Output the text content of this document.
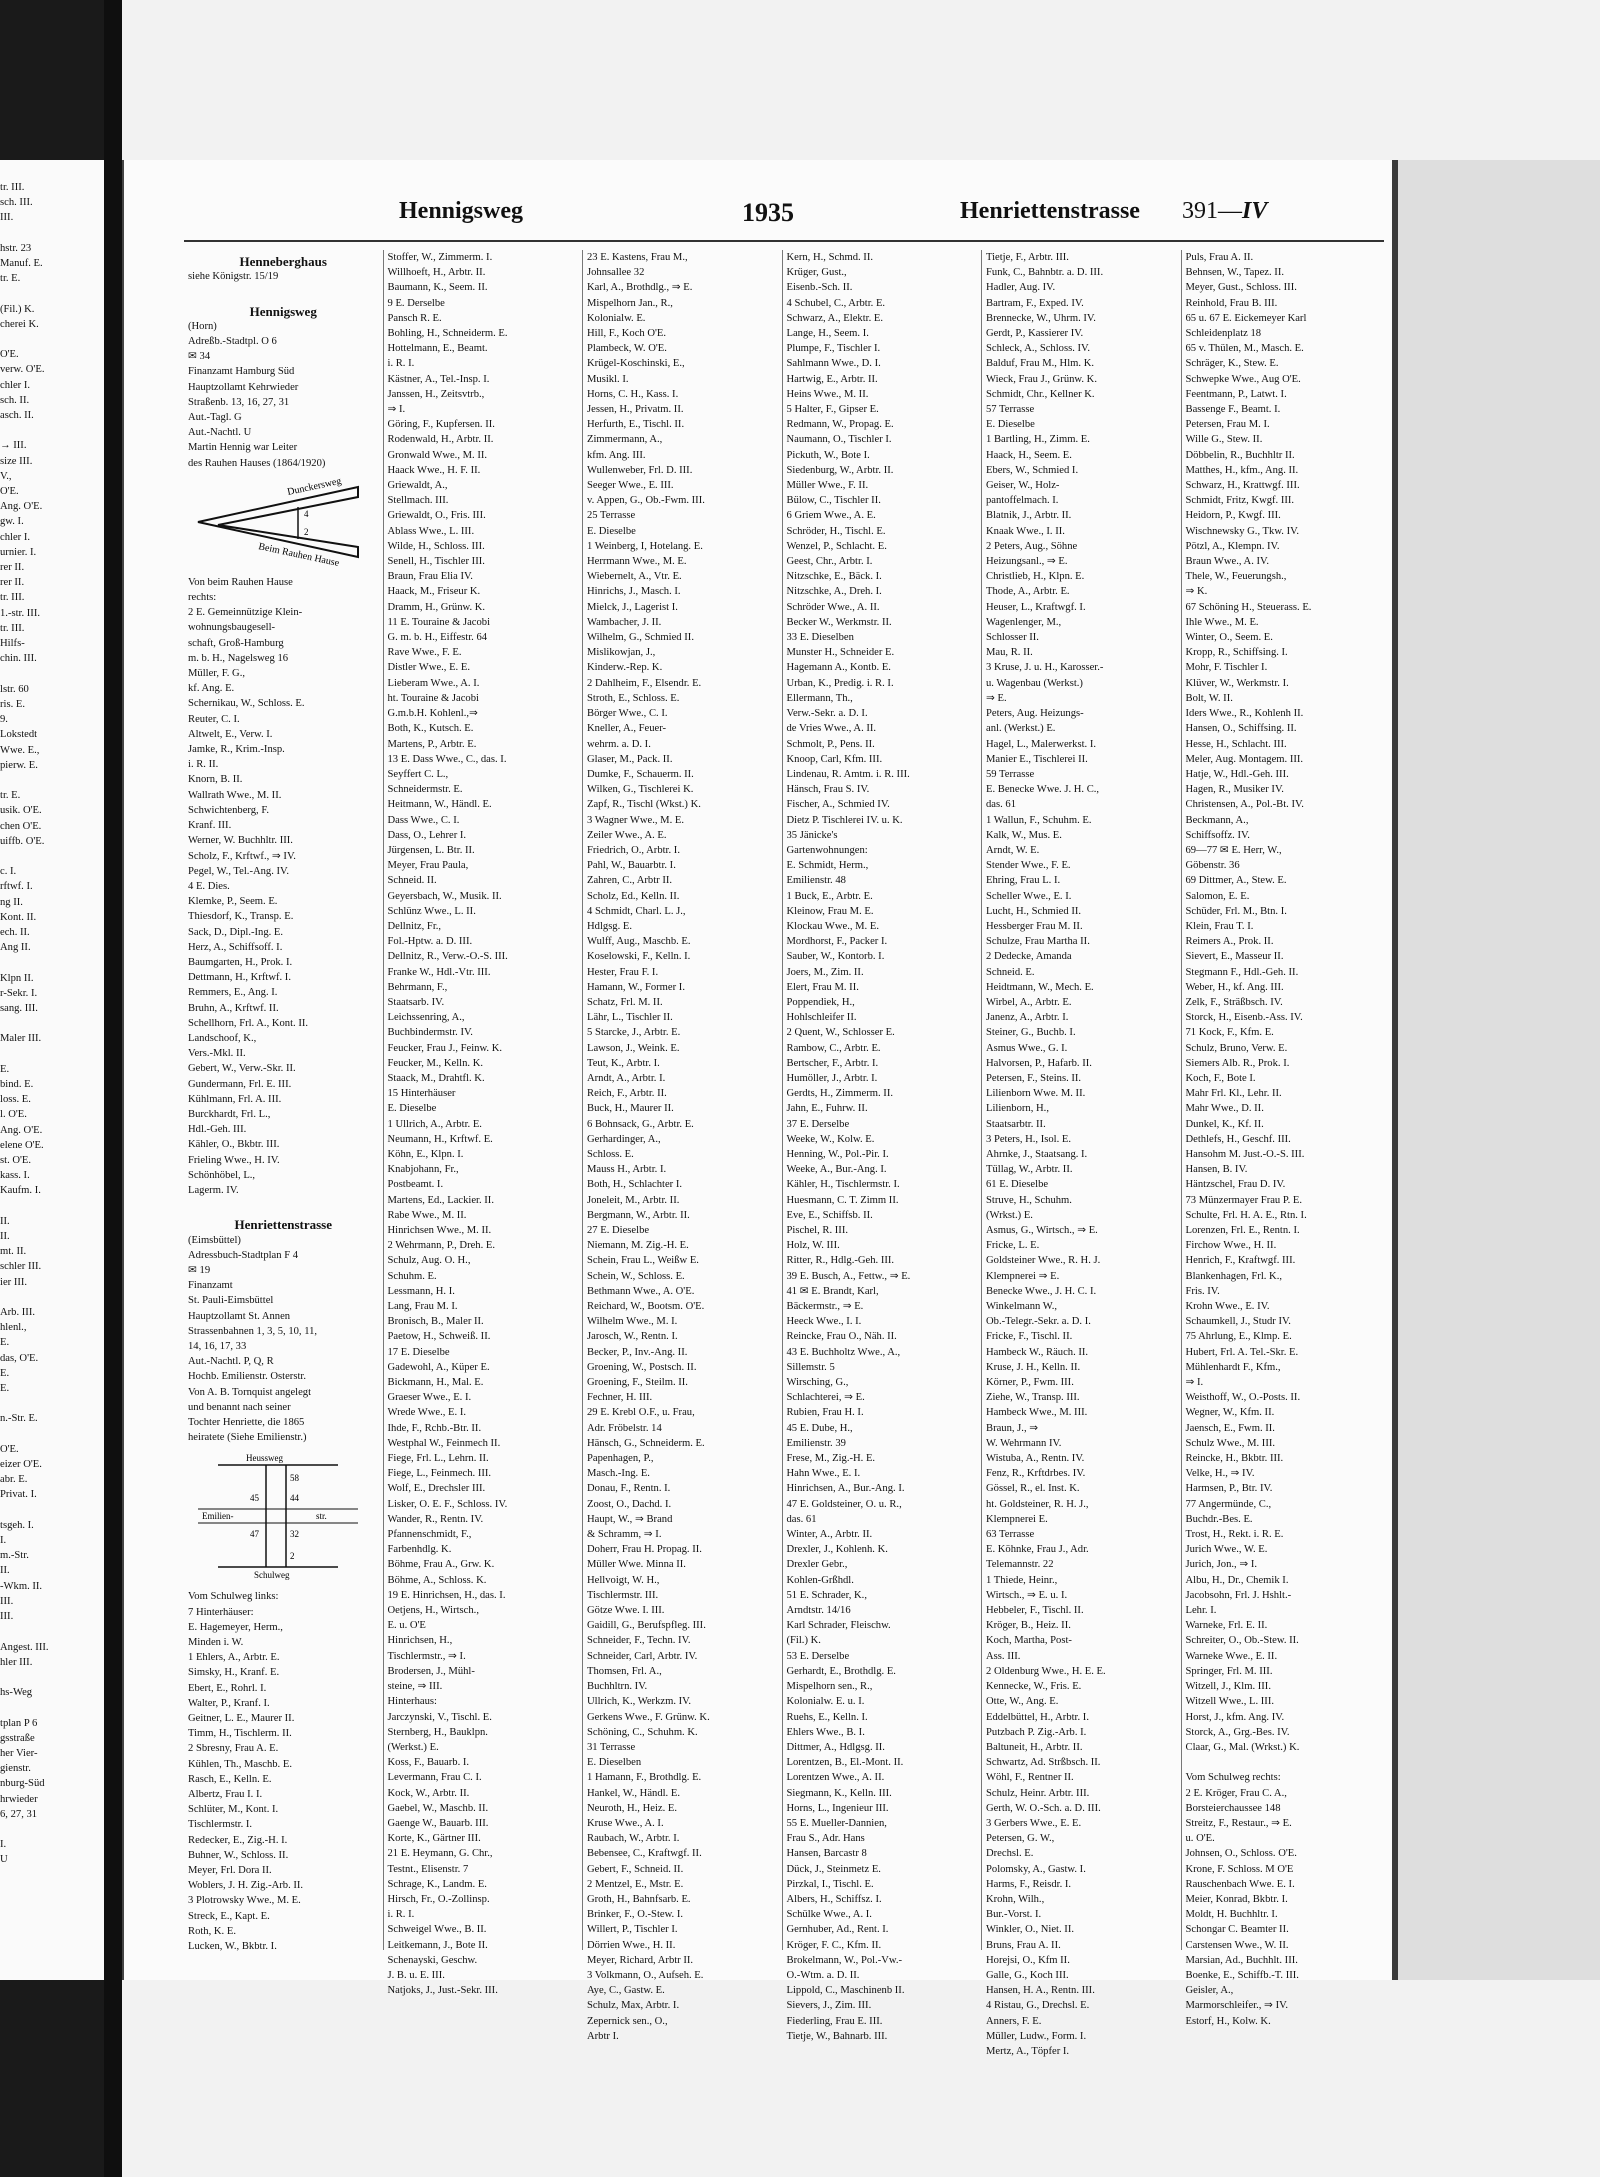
tr. III.
sch. III.
III.

hstr. 23
Manuf. E.
tr. E.

(Fil.) K.
cherei K.

O'E.
verw. O'E.
chler I.
sch. II.
asch. II.

→ III.
size III.
V.,
O'E.
Ang. O'E.
gw. I.
chler I.
urnier. I.
rer II.
rer II.
tr. III.
1.-str. III.
tr. III.
Hilfs-
chin. III.

lstr. 60
ris. E.
9.
Lokstedt
Wwe. E.,
pierw. E.

tr. E.
usik. O'E.
chen O'E.
uiffb. O'E.

c. I.
rftwf. I.
ng II.
Kont. II.
ech. II.
Ang II.

Klpn II.
r-Sekr. I.
sang. III.

Maler III.

E.
bind. E.
loss. E.
l. O'E.
Ang. O'E.
elene O'E.
st. O'E.
kass. I.
Kaufm. I.

II.
II.
mt. II.
schler III.
ier III.

Arb. III.
hlenl.,
E.
das, O'E.
E.
E.

n.-Str. E.

O'E.
eizer O'E.
abr. E.
Privat. I.

tsgeh. I.
I.
m.-Str.
II.
-Wkm. II.
III.
III.

Angest. III.
hler III.

hs-Weg

tplan P 6
gsstraße
her Vier-
gienstr.
nburg-Süd
hrwieder
6, 27, 31

I.
U
Hennigsweg	1935	Henriettenstrasse 391—IV
Henneberghaus
siehe Königstr. 15/19

Hennigsweg
(Horn)
Adreßb.-Stadtpl. O 6
✉ 34
Finanzamt Hamburg Süd
Hauptzollamt Kehrwieder
Straßenb. 13, 16, 27, 31
Aut.-Tagl. G
Aut.-Nachtl. U
Martin Hennig war Leiter
des Rauhen Hauses (1864/1920)
Dunckersweg
Beim Rauhen Hause
4
2
Von beim Rauhen Hause
rechts:
2 E. Gemeinnützige Klein-
wohnungsbaugesell-
schaft, Groß-Hamburg
m. b. H., Nagelsweg 16
Müller, F. G.,
kf. Ang. E.
Schernikau, W., Schloss. E.
Reuter, C. I.
Altwelt, E., Verw. I.
Jamke, R., Krim.-Insp.
i. R. II.
Knorn, B. II.
Wallrath Wwe., M. II.
Schwichtenberg, F.
Kranf. III.
Werner, W. Buchhltr. III.
Scholz, F., Krftwf., ⇒ IV.
Pegel, W., Tel.-Ang. IV.
4 E. Dies.
Klemke, P., Seem. E.
Thiesdorf, K., Transp. E.
Sack, D., Dipl.-Ing. E.
Herz, A., Schiffsoff. I.
Baumgarten, H., Prok. I.
Dettmann, H., Krftwf. I.
Remmers, E., Ang. I.
Bruhn, A., Krftwf. II.
Schellhorn, Frl. A., Kont. II.
Landschoof, K.,
Vers.-Mkl. II.
Gebert, W., Verw.-Skr. II.
Gundermann, Frl. E. III.
Kühlmann, Frl. A. III.
Burckhardt, Frl. L.,
Hdl.-Geh. III.
Kähler, O., Bkbtr. III.
Frieling Wwe., H. IV.
Schönhöbel, L.,
Lagerm. IV.

Henriettenstrasse
(Eimsbüttel)
Adressbuch-Stadtplan F 4
✉ 19
Finanzamt
St. Pauli-Eimsbüttel
Hauptzollamt St. Annen
Strassenbahnen 1, 3, 5, 10, 11,
14, 16, 17, 33
Aut.-Nachtl. P, Q, R
Hochb. Emilienstr. Osterstr.
Von A. B. Tornquist angelegt
und benannt nach seiner
Tochter Henriette, die 1865
heiratete (Siehe Emilienstr.)
Heussweg
Emilien-	str.
Schulweg
58
44
45
47	32
2
Vom Schulweg links:
7 Hinterhäuser:
E. Hagemeyer, Herm.,
Minden i. W.
1 Ehlers, A., Arbtr. E.
Simsky, H., Kranf. E.
Ebert, E., Rohrl. I.
Walter, P., Kranf. I.
Geitner, L. E., Maurer II.
Timm, H., Tischlerm. II.
2 Sbresny, Frau A. E.
Kühlen, Th., Maschb. E.
Rasch, E., Kelln. E.
Albertz, Frau I. I.
Schlüter, M., Kont. I.
Tischlermstr. I.
Redecker, E., Zig.-H. I.
Buhner, W., Schloss. II.
Meyer, Frl. Dora II.
Woblers, J. H. Zig.-Arb. II.
3 Plotrowsky Wwe., M. E.
Streck, E., Kapt. E.
Roth, K. E.
Lucken, W., Bkbtr. I.
Stoffer, W., Zimmerm. I.
Willhoeft, H., Arbtr. II.
Baumann, K., Seem. II.
9 E. Derselbe
Pansch R. E.
Bohling, H., Schneiderm. E.
Hottelmann, E., Beamt.
i. R. I.
Kästner, A., Tel.-Insp. I.
Janssen, H., Zeitsvtrb.,
⇒ I.
Göring, F., Kupfersen. II.
Rodenwald, H., Arbtr. II.
Gronwald Wwe., M. II.
Haack Wwe., H. F. II.
Griewaldt, A.,
Stellmach. III.
Griewaldt, O., Fris. III.
Ablass Wwe., L. III.
Wilde, H., Schloss. III.
Senell, H., Tischler III.
Braun, Frau Elia IV.
Haack, M., Friseur K.
Dramm, H., Grünw. K.
11 E. Touraine & Jacobi
G. m. b. H., Eiffestr. 64
Rave Wwe., F. E.
Distler Wwe., E. E.
Lieberam Wwe., A. I.
ht. Touraine & Jacobi
G.m.b.H. Kohlenl.,⇒
Both, K., Kutsch. E.
Martens, P., Arbtr. E.
13 E. Dass Wwe., C., das. I.
Seyffert C. L.,
Schneidermstr. E.
Heitmann, W., Händl. E.
Dass Wwe., C. I.
Dass, O., Lehrer I.
Jürgensen, L. Btr. II.
Meyer, Frau Paula,
Schneid. II.
Geyersbach, W., Musik. II.
Schlünz Wwe., L. II.
Dellnitz, Fr.,
Fol.-Hptw. a. D. III.
Dellnitz, R., Verw.-O.-S. III.
Franke W., Hdl.-Vtr. III.
Behrmann, F.,
Staatsarb. IV.
Leichssenring, A.,
Buchbindermstr. IV.
Feucker, Frau J., Feinw. K.
Feucker, M., Kelln. K.
Staack, M., Drahtfl. K.
15 Hinterhäuser
E. Dieselbe
1 Ullrich, A., Arbtr. E.
Neumann, H., Krftwf. E.
Köhn, E., Klpn. I.
Knabjohann, Fr.,
Postbeamt. I.
Martens, Ed., Lackier. II.
Rabe Wwe., M. II.
Hinrichsen Wwe., M. II.
2 Wehrmann, P., Dreh. E.
Schulz, Aug. O. H.,
Schuhm. E.
Lessmann, H. I.
Lang, Frau M. I.
Bronisch, B., Maler II.
Paetow, H., Schweiß. II.
17 E. Dieselbe
Gadewohl, A., Küper E.
Bickmann, H., Mal. E.
Graeser Wwe., E. I.
Wrede Wwe., E. I.
Ihde, F., Rchb.-Btr. II.
Westphal W., Feinmech II.
Fiege, Frl. L., Lehrn. II.
Fiege, L., Feinmech. III.
Wolf, E., Drechsler III.
Lisker, O. E. F., Schloss. IV.
Wander, R., Rentn. IV.
Pfannenschmidt, F.,
Farbenhdlg. K.
Böhme, Frau A., Grw. K.
Böhme, A., Schloss. K.
19 E. Hinrichsen, H., das. I.
Oetjens, H., Wirtsch.,
E. u. O'E
Hinrichsen, H.,
Tischlermstr., ⇒ I.
Brodersen, J., Mühl-
steine, ⇒ III.
Hinterhaus:
Jarczynski, V., Tischl. E.
Sternberg, H., Bauklpn.
(Werkst.) E.
Koss, F., Bauarb. I.
Levermann, Frau C. I.
Kock, W., Arbtr. II.
Gaebel, W., Maschb. II.
Gaenge W., Bauarb. III.
Korte, K., Gärtner III.
21 E. Heymann, G. Chr.,
Testnt., Elisenstr. 7
Schrage, K., Landm. E.
Hirsch, Fr., O.-Zollinsp.
i. R. I.
Schweigel Wwe., B. II.
Leitkemann, J., Bote II.
Schenayski, Geschw.
J. B. u. E. III.
Natjoks, J., Just.-Sekr. III.
23 E. Kastens, Frau M.,
Johnsallee 32
Karl, A., Brothdlg., ⇒ E.
Mispelhorn Jan., R.,
Kolonialw. E.
Hill, F., Koch O'E.
Plambeck, W. O'E.
Krügel-Koschinski, E.,
Musikl. I.
Horns, C. H., Kass. I.
Jessen, H., Privatm. II.
Herfurth, E., Tischl. II.
Zimmermann, A.,
kfm. Ang. III.
Wullenweber, Frl. D. III.
Seeger Wwe., E. III.
v. Appen, G., Ob.-Fwm. III.
25 Terrasse
E. Dieselbe
1 Weinberg, I, Hotelang. E.
Herrmann Wwe., M. E.
Wiebernelt, A., Vtr. E.
Hinrichs, J., Masch. I.
Mielck, J., Lagerist I.
Wambacher, J. II.
Wilhelm, G., Schmied II.
Mislikowjan, J.,
Kinderw.-Rep. K.
2 Dahlheim, F., Elsendr. E.
Stroth, E., Schloss. E.
Börger Wwe., C. I.
Kneller, A., Feuer-
wehrm. a. D. I.
Glaser, M., Pack. II.
Dumke, F., Schauerm. II.
Wilken, G., Tischlerei K.
Zapf, R., Tischl (Wkst.) K.
3 Wagner Wwe., M. E.
Zeiler Wwe., A. E.
Friedrich, O., Arbtr. I.
Pahl, W., Bauarbtr. I.
Zahren, C., Arbtr II.
Scholz, Ed., Kelln. II.
4 Schmidt, Charl. L. J.,
Hdlgsg. E.
Wulff, Aug., Maschb. E.
Koselowski, F., Kelln. I.
Hester, Frau F. I.
Hamann, W., Former I.
Schatz, Frl. M. II.
Lähr, L., Tischler II.
5 Starcke, J., Arbtr. E.
Lawson, J., Weink. E.
Teut, K., Arbtr. I.
Arndt, A., Arbtr. I.
Reich, F., Arbtr. II.
Buck, H., Maurer II.
6 Bohnsack, G., Arbtr. E.
Gerhardinger, A.,
Schloss. E.
Mauss H., Arbtr. I.
Both, H., Schlachter I.
Joneleit, M., Arbtr. II.
Bergmann, W., Arbtr. II.
27 E. Dieselbe
Niemann, M. Zig.-H. E.
Schein, Frau L., Weißw E.
Schein, W., Schloss. E.
Bethmann Wwe., A. O'E.
Reichard, W., Bootsm. O'E.
Wilhelm Wwe., M. I.
Jarosch, W., Rentn. I.
Becker, P., Inv.-Ang. II.
Groening, W., Postsch. II.
Groening, F., Steilm. II.
Fechner, H. III.
29 E. Krebl O.F., u. Frau,
Adr. Fröbelstr. 14
Hänsch, G., Schneiderm. E.
Papenhagen, P.,
Masch.-Ing. E.
Donau, F., Rentn. I.
Zoost, O., Dachd. I.
Haupt, W., ⇒ Brand
& Schramm, ⇒ I.
Doherr, Frau H. Propag. II.
Müller Wwe. Minna II.
Hellvoigt, W. H.,
Tischlermstr. III.
Götze Wwe. I. III.
Gaidill, G., Berufspfleg. III.
Schneider, F., Techn. IV.
Schneider, Carl, Arbtr. IV.
Thomsen, Frl. A.,
Buchhltrn. IV.
Ullrich, K., Werkzm. IV.
Gerkens Wwe., F. Grünw. K.
Schöning, C., Schuhm. K.
31 Terrasse
E. Dieselben
1 Hamann, F., Brothdlg. E.
Hankel, W., Händl. E.
Neuroth, H., Heiz. E.
Kruse Wwe., A. I.
Raubach, W., Arbtr. I.
Bebensee, C., Kraftwgf. II.
Gebert, F., Schneid. II.
2 Mentzel, E., Mstr. E.
Groth, H., Bahnfsarb. E.
Brinker, F., O.-Stew. I.
Willert, P., Tischler I.
Dörrien Wwe., H. II.
Meyer, Richard, Arbtr II.
3 Volkmann, O., Aufseh. E.
Aye, C., Gastw. E.
Schulz, Max, Arbtr. I.
Zepernick sen., O.,
Arbtr I.
Kern, H., Schmd. II.
Krüger, Gust.,
Eisenb.-Sch. II.
4 Schubel, C., Arbtr. E.
Schwarz, A., Elektr. E.
Lange, H., Seem. I.
Plumpe, F., Tischler I.
Sahlmann Wwe., D. I.
Hartwig, E., Arbtr. II.
Heins Wwe., M. II.
5 Halter, F., Gipser E.
Redmann, W., Propag. E.
Naumann, O., Tischler I.
Pickuth, W., Bote I.
Siedenburg, W., Arbtr. II.
Müller Wwe., F. II.
Bülow, C., Tischler II.
6 Griem Wwe., A. E.
Schröder, H., Tischl. E.
Wenzel, P., Schlacht. E.
Geest, Chr., Arbtr. I.
Nitzschke, E., Bäck. I.
Nitzschke, A., Dreh. I.
Schröder Wwe., A. II.
Becker W., Werkmstr. II.
33 E. Dieselben
Munster H., Schneider E.
Hagemann A., Kontb. E.
Urban, K., Predig. i. R. I.
Ellermann, Th.,
Verw.-Sekr. a. D. I.
de Vries Wwe., A. II.
Schmolt, P., Pens. II.
Knoop, Carl, Kfm. III.
Lindenau, R. Amtm. i. R. III.
Hänsch, Frau S. IV.
Fischer, A., Schmied IV.
Dietz P. Tischlerei IV. u. K.
35 Jänicke's
Gartenwohnungen:
E. Schmidt, Herm.,
Emilienstr. 48
1 Buck, E., Arbtr. E.
Kleinow, Frau M. E.
Klockau Wwe., M. E.
Mordhorst, F., Packer I.
Sauber, W., Kontorb. I.
Joers, M., Zim. II.
Elert, Frau M. II.
Poppendiek, H.,
Hohlschleifer II.
2 Quent, W., Schlosser E.
Rambow, C., Arbtr. E.
Bertscher, F., Arbtr. I.
Humöller, J., Arbtr. I.
Gerdts, H., Zimmerm. II.
Jahn, E., Fuhrw. II.
37 E. Derselbe
Weeke, W., Kolw. E.
Henning, W., Pol.-Pir. I.
Weeke, A., Bur.-Ang. I.
Kähler, H., Tischlermstr. I.
Huesmann, C. T. Zimm II.
Eve, E., Schiffsb. II.
Pischel, R. III.
Holz, W. III.
Ritter, R., Hdlg.-Geh. III.
39 E. Busch, A., Fettw., ⇒ E.
41 ✉ E. Brandt, Karl,
Bäckermstr., ⇒ E.
Heeck Wwe., I. I.
Reincke, Frau O., Näh. II.
43 E. Buchholtz Wwe., A.,
Sillemstr. 5
Wirsching, G.,
Schlachterei, ⇒ E.
Rubien, Frau H. I.
45 E. Dube, H.,
Emilienstr. 39
Frese, M., Zig.-H. E.
Hahn Wwe., E. I.
Hinrichsen, A., Bur.-Ang. I.
47 E. Goldsteiner, O. u. R.,
das. 61
Winter, A., Arbtr. II.
Drexler, J., Kohlenh. K.
Drexler Gebr.,
Kohlen-Grßhdl.
51 E. Schrader, K.,
Arndtstr. 14/16
Karl Schrader, Fleischw.
(Fil.) K.
53 E. Derselbe
Gerhardt, E., Brothdlg. E.
Mispelhorn sen., R.,
Kolonialw. E. u. I.
Ruehs, E., Kelln. I.
Ehlers Wwe., B. I.
Dittmer, A., Hdlgsg. II.
Lorentzen, B., El.-Mont. II.
Lorentzen Wwe., A. II.
Siegmann, K., Kelln. III.
Horns, L., Ingenieur III.
55 E. Mueller-Dannien,
Frau S., Adr. Hans
Hansen, Barcastr 8
Dück, J., Steinmetz E.
Pirzkal, I., Tischl. E.
Albers, H., Schiffsz. I.
Schülke Wwe., A. I.
Gernhuber, Ad., Rent. I.
Kröger, F. C., Kfm. II.
Brokelmann, W., Pol.-Vw.-
O.-Wtm. a. D. II.
Lippold, C., Maschinenb II.
Sievers, J., Zim. III.
Fiederling, Frau E. III.
Tietje, W., Bahnarb. III.
Tietje, F., Arbtr. III.
Funk, C., Bahnbtr. a. D. III.
Hadler, Aug. IV.
Bartram, F., Exped. IV.
Brennecke, W., Uhrm. IV.
Gerdt, P., Kassierer IV.
Schleck, A., Schloss. IV.
Balduf, Frau M., Hlm. K.
Wieck, Frau J., Grünw. K.
Schmidt, Chr., Kellner K.
57 Terrasse
E. Dieselbe
1 Bartling, H., Zimm. E.
Haack, H., Seem. E.
Ebers, W., Schmied I.
Geiser, W., Holz-
pantoffelmach. I.
Blatnik, J., Arbtr. II.
Knaak Wwe., I. II.
2 Peters, Aug., Söhne
Heizungsanl., ⇒ E.
Christlieb, H., Klpn. E.
Thode, A., Arbtr. E.
Heuser, L., Kraftwgf. I.
Wagenlenger, M.,
Schlosser II.
Mau, R. II.
3 Kruse, J. u. H., Karosser.-
u. Wagenbau (Werkst.)
⇒ E.
Peters, Aug. Heizungs-
anl. (Werkst.) E.
Hagel, L., Malerwerkst. I.
Manier E., Tischlerei II.
59 Terrasse
E. Benecke Wwe. J. H. C.,
das. 61
1 Wallun, F., Schuhm. E.
Kalk, W., Mus. E.
Arndt, W. E.
Stender Wwe., F. E.
Ehring, Frau L. I.
Scheller Wwe., E. I.
Lucht, H., Schmied II.
Hessberger Frau M. II.
Schulze, Frau Martha II.
2 Dedecke, Amanda
Schneid. E.
Heidtmann, W., Mech. E.
Wirbel, A., Arbtr. E.
Janenz, A., Arbtr. I.
Steiner, G., Buchb. I.
Asmus Wwe., G. I.
Halvorsen, P., Hafarb. II.
Petersen, F., Steins. II.
Lilienborn Wwe. M. II.
Lilienborn, H.,
Staatsarbtr. II.
3 Peters, H., Isol. E.
Ahrnke, J., Staatsang. I.
Tüllag, W., Arbtr. II.
61 E. Dieselbe
Struve, H., Schuhm.
(Wrkst.) E.
Asmus, G., Wirtsch., ⇒ E.
Fricke, L. E.
Goldsteiner Wwe., R. H. J.
Klempnerei ⇒ E.
Benecke Wwe., J. H. C. I.
Winkelmann W.,
Ob.-Telegr.-Sekr. a. D. I.
Fricke, F., Tischl. II.
Hambeck W., Räuch. II.
Kruse, J. H., Kelln. II.
Körner, P., Fwm. III.
Ziehe, W., Transp. III.
Hambeck Wwe., M. III.
Braun, J., ⇒
W. Wehrmann IV.
Wistuba, A., Rentn. IV.
Fenz, R., Krftdrbes. IV.
Gössel, R., el. Inst. K.
ht. Goldsteiner, R. H. J.,
Klempnerei E.
63 Terrasse
E. Köhnke, Frau J., Adr.
Telemannstr. 22
1 Thiede, Heinr.,
Wirtsch., ⇒ E. u. I.
Hebbeler, F., Tischl. II.
Kröger, B., Heiz. II.
Koch, Martha, Post-
Ass. III.
2 Oldenburg Wwe., H. E. E.
Kennecke, W., Fris. E.
Otte, W., Ang. E.
Eddelbüttel, H., Arbtr. I.
Putzbach P. Zig.-Arb. I.
Baltuneit, H., Arbtr. II.
Schwartz, Ad. Strßbsch. II.
Wöhl, F., Rentner II.
Schulz, Heinr. Arbtr. III.
Gerth, W. O.-Sch. a. D. III.
3 Gerbers Wwe., E. E.
Petersen, G. W.,
Drechsl. E.
Polomsky, A., Gastw. I.
Harms, F., Reisdr. I.
Krohn, Wilh.,
Bur.-Vorst. I.
Winkler, O., Niet. II.
Bruns, Frau A. II.
Horejsi, O., Kfm II.
Galle, G., Koch III.
Hansen, H. A., Rentn. III.
4 Ristau, G., Drechsl. E.
Anners, F. E.
Müller, Ludw., Form. I.
Mertz, A., Töpfer I.
Puls, Frau A. II.
Behnsen, W., Tapez. II.
Meyer, Gust., Schloss. III.
Reinhold, Frau B. III.
65 u. 67 E. Eickemeyer Karl
Schleidenplatz 18
65 v. Thülen, M., Masch. E.
Schräger, K., Stew. E.
Schwepke Wwe., Aug O'E.
Feentmann, P., Latwt. I.
Bassenge F., Beamt. I.
Petersen, Frau M. I.
Wille G., Stew. II.
Döbbelin, R., Buchhltr II.
Matthes, H., kfm., Ang. II.
Schwarz, H., Krattwgf. III.
Schmidt, Fritz, Kwgf. III.
Heidorn, P., Kwgf. III.
Wischnewsky G., Tkw. IV.
Pötzl, A., Klempn. IV.
Braun Wwe., A. IV.
Thele, W., Feuerungsh.,
⇒ K.
67 Schöning H., Steuerass. E.
Ihle Wwe., M. E.
Winter, O., Seem. E.
Kropp, R., Schiffsing. I.
Mohr, F. Tischler I.
Klüver, W., Werkmstr. I.
Bolt, W. II.
Iders Wwe., R., Kohlenh II.
Hansen, O., Schiffsing. II.
Hesse, H., Schlacht. III.
Meler, Aug. Montagem. III.
Hatje, W., Hdl.-Geh. III.
Hagen, R., Musiker IV.
Christensen, A., Pol.-Bt. IV.
Beckmann, A.,
Schiffsoffz. IV.
69—77 ✉ E. Herr, W.,
Göbenstr. 36
69 Dittmer, A., Stew. E.
Salomon, E. E.
Schüder, Frl. M., Btn. I.
Klein, Frau T. I.
Reimers A., Prok. II.
Sievert, E., Masseur II.
Stegmann F., Hdl.-Geh. II.
Weber, H., kf. Ang. III.
Zelk, F., Sträßbsch. IV.
Storck, H., Eisenb.-Ass. IV.
71 Kock, F., Kfm. E.
Schulz, Bruno, Verw. E.
Siemers Alb. R., Prok. I.
Koch, F., Bote I.
Mahr Frl. Kl., Lehr. II.
Mahr Wwe., D. II.
Dunkel, K., Kf. II.
Dethlefs, H., Geschf. III.
Hansohm M. Just.-O.-S. III.
Hansen, B. IV.
Häntzschel, Frau D. IV.
73 Münzermayer Frau P. E.
Schulte, Frl. H. A. E., Rtn. I.
Lorenzen, Frl. E., Rentn. I.
Firchow Wwe., H. II.
Henrich, F., Kraftwgf. III.
Blankenhagen, Frl. K.,
Fris. IV.
Krohn Wwe., E. IV.
Schaumkell, J., Studr IV.
75 Ahrlung, E., Klmp. E.
Hubert, Frl. A. Tel.-Skr. E.
Mühlenhardt F., Kfm.,
⇒ I.
Weisthoff, W., O.-Posts. II.
Wegner, W., Kfm. II.
Jaensch, E., Fwm. II.
Schulz Wwe., M. III.
Reincke, H., Bkbtr. III.
Velke, H., ⇒ IV.
Harmsen, P., Btr. IV.
77 Angermünde, C.,
Buchdr.-Bes. E.
Trost, H., Rekt. i. R. E.
Jurich Wwe., W. E.
Jurich, Jon., ⇒ I.
Albu, H., Dr., Chemik I.
Jacobsohn, Frl. J. Hshlt.-
Lehr. I.
Warneke, Frl. E. II.
Schreiter, O., Ob.-Stew. II.
Warneke Wwe., E. II.
Springer, Frl. M. III.
Witzell, J., Klm. III.
Witzell Wwe., L. III.
Horst, J., kfm. Ang. IV.
Storck, A., Grg.-Bes. IV.
Claar, G., Mal. (Wrkst.) K.

Vom Schulweg rechts:
2 E. Kröger, Frau C. A.,
Borsteierchaussee 148
Streitz, F., Restaur., ⇒ E.
u. O'E.
Johnsen, O., Schloss. O'E.
Krone, F. Schloss. M O'E
Rauschenbach Wwe. E. I.
Meier, Konrad, Bkbtr. I.
Moldt, H. Buchhltr. I.
Schongar C. Beamter II.
Carstensen Wwe., W. II.
Marsian, Ad., Buchhlt. III.
Boenke, E., Schiffb.-T. III.
Geisler, A.,
Marmorschleifer., ⇒ IV.
Estorf, H., Kolw. K.
